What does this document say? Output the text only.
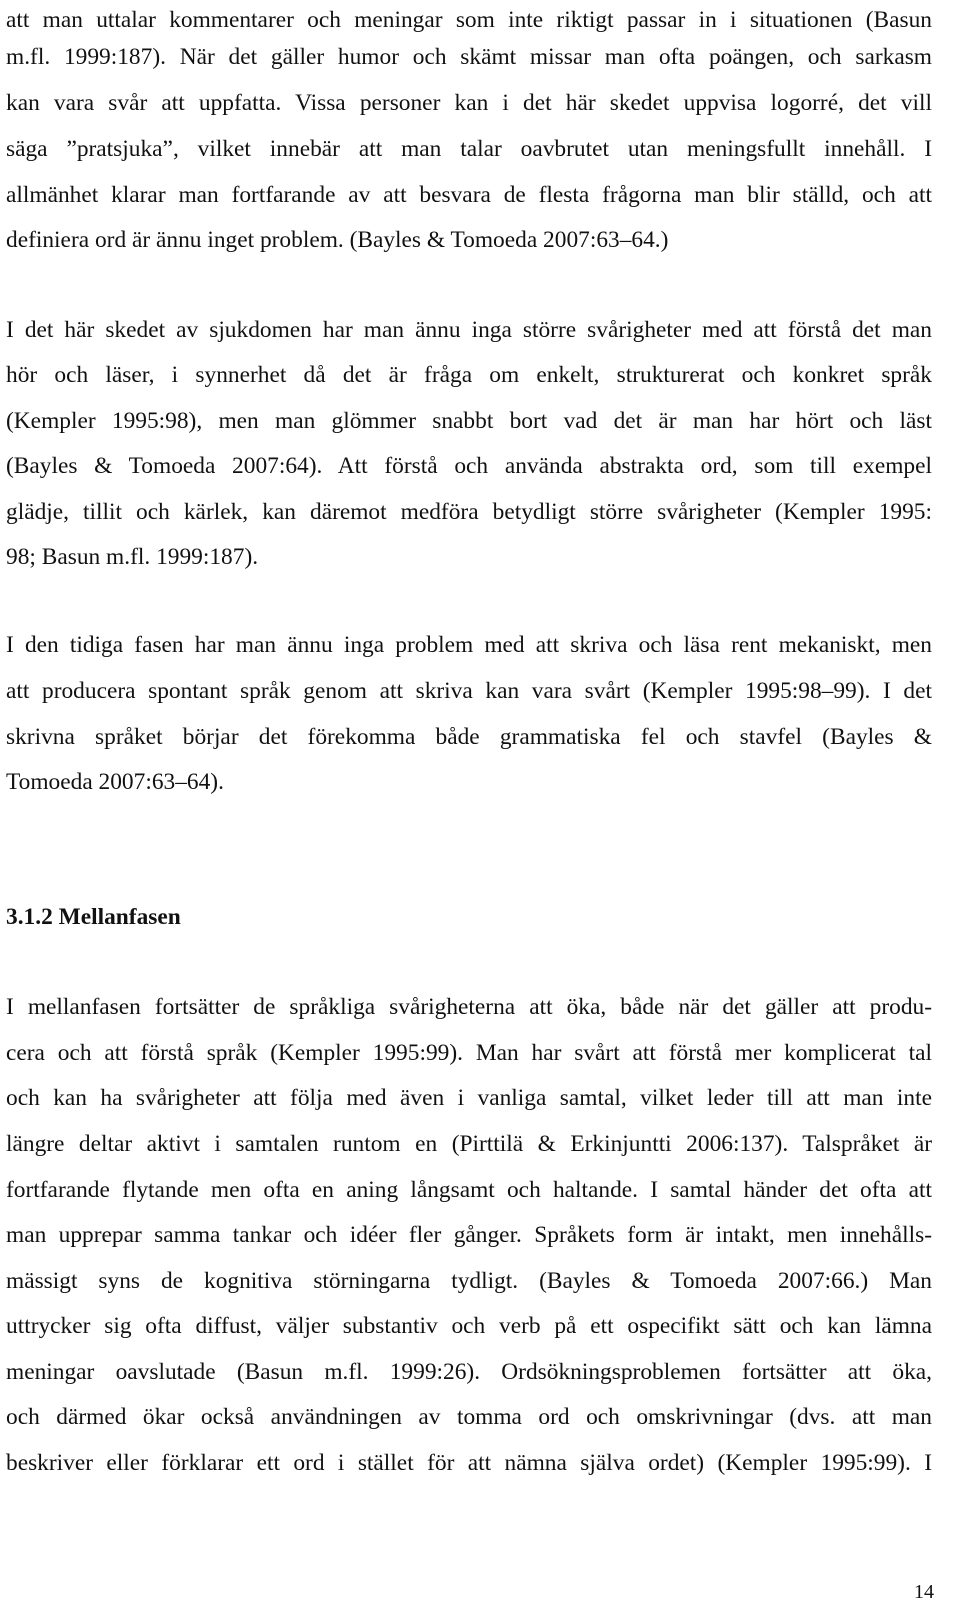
att man uttalar kommentarer och meningar som inte riktigt passar in i situationen (Basun
m.fl. 1999:187). När det gäller humor och skämt missar man ofta poängen, och sarkasm
kan vara svår att uppfatta. Vissa personer kan i det här skedet uppvisa logorré, det vill
säga ”pratsjuka”, vilket innebär att man talar oavbrutet utan meningsfullt innehåll. I
allmänhet klarar man fortfarande av att besvara de flesta frågorna man blir ställd, och att
definiera ord är ännu inget problem. (Bayles & Tomoeda 2007:63–64.)
I det här skedet av sjukdomen har man ännu inga större svårigheter med att förstå det man
hör och läser, i synnerhet då det är fråga om enkelt, strukturerat och konkret språk
(Kempler 1995:98), men man glömmer snabbt bort vad det är man har hört och läst
(Bayles & Tomoeda 2007:64). Att förstå och använda abstrakta ord, som till exempel
glädje, tillit och kärlek, kan däremot medföra betydligt större svårigheter (Kempler 1995:
98; Basun m.fl. 1999:187).
I den tidiga fasen har man ännu inga problem med att skriva och läsa rent mekaniskt, men
att producera spontant språk genom att skriva kan vara svårt (Kempler 1995:98–99). I det
skrivna språket börjar det förekomma både grammatiska fel och stavfel (Bayles &
Tomoeda 2007:63–64).
3.1.2 Mellanfasen
I mellanfasen fortsätter de språkliga svårigheterna att öka, både när det gäller att produ-
cera och att förstå språk (Kempler 1995:99). Man har svårt att förstå mer komplicerat tal
och kan ha svårigheter att följa med även i vanliga samtal, vilket leder till att man inte
längre deltar aktivt i samtalen runtom en (Pirttilä & Erkinjuntti 2006:137). Talspråket är
fortfarande flytande men ofta en aning långsamt och haltande. I samtal händer det ofta att
man upprepar samma tankar och idéer fler gånger. Språkets form är intakt, men innehålls-
mässigt syns de kognitiva störningarna tydligt. (Bayles & Tomoeda 2007:66.) Man
uttrycker sig ofta diffust, väljer substantiv och verb på ett ospecifikt sätt och kan lämna
meningar oavslutade (Basun m.fl. 1999:26). Ordsökningsproblemen fortsätter att öka,
och därmed ökar också användningen av tomma ord och omskrivningar (dvs. att man
beskriver eller förklarar ett ord i stället för att nämna själva ordet) (Kempler 1995:99). I
14
